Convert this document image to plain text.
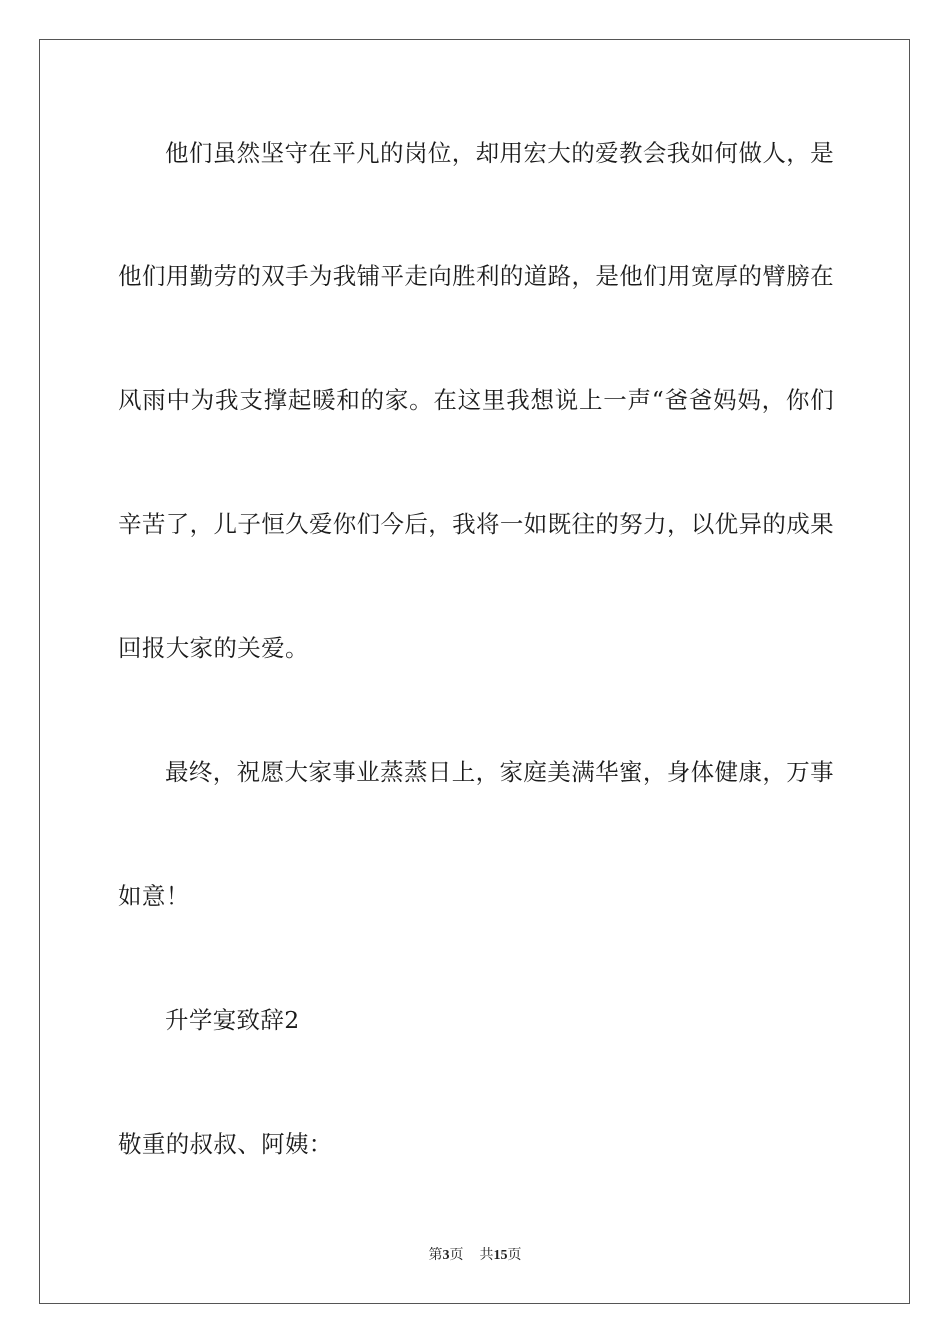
他们虽然坚守在平凡的岗位，却用宏大的爱教会我如何做人，是
他们用勤劳的双手为我铺平走向胜利的道路，是他们用宽厚的臂膀在
风雨中为我支撑起暖和的家。在这里我想说上一声“爸爸妈妈，你们
辛苦了，儿子恒久爱你们今后，我将一如既往的努力，以优异的成果
回报大家的关爱。
最终，祝愿大家事业蒸蒸日上，家庭美满华蜜，身体健康，万事
如意！
升学宴致辞2
敬重的叔叔、阿姨：
第3页 共15页
